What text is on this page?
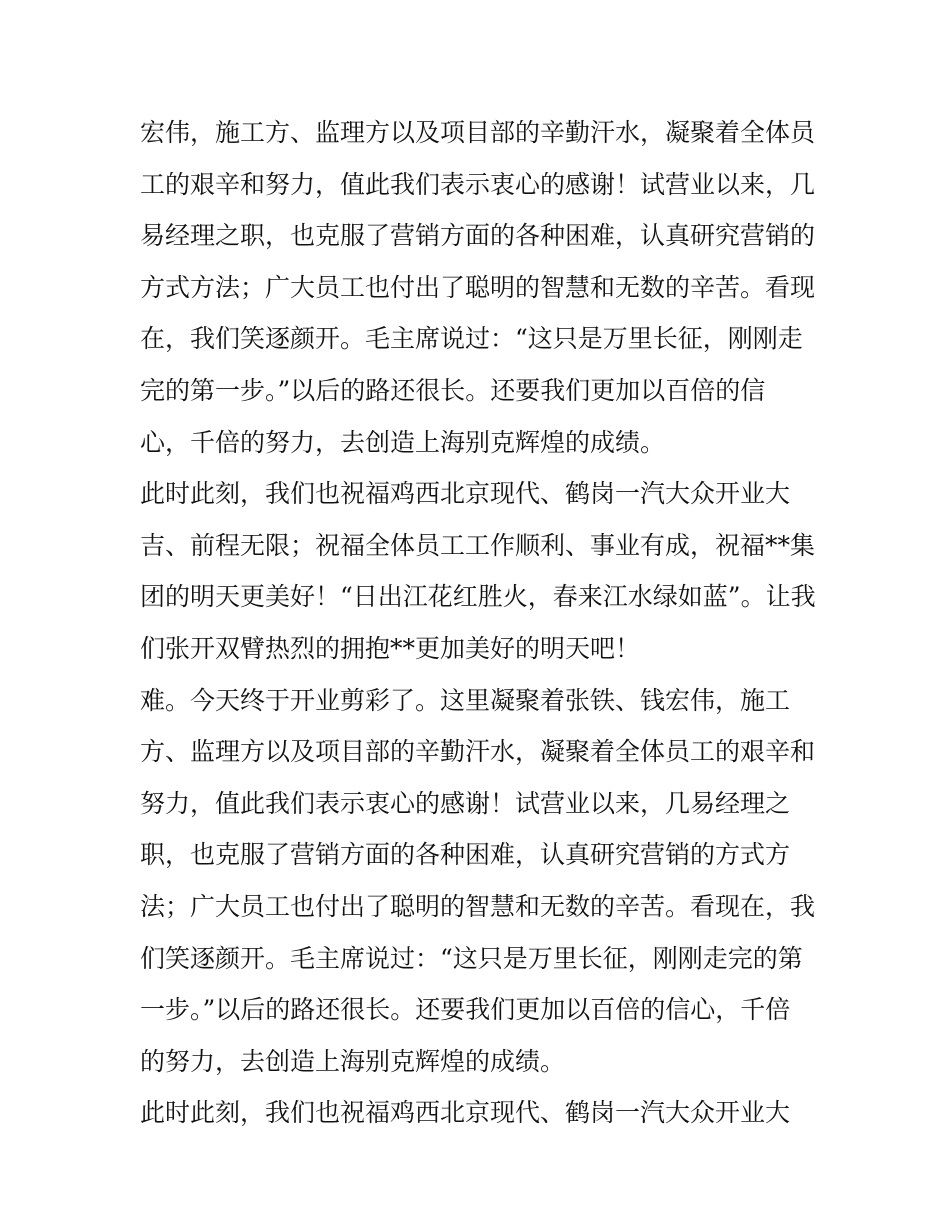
宏伟，施工方、监理方以及项目部的辛勤汗水，凝聚着全体员
工的艰辛和努力，值此我们表示衷心的感谢！试营业以来，几
易经理之职，也克服了营销方面的各种困难，认真研究营销的
方式方法；广大员工也付出了聪明的智慧和无数的辛苦。看现
在，我们笑逐颜开。毛主席说过：“这只是万里长征，刚刚走
完的第一步。”以后的路还很长。还要我们更加以百倍的信
心，千倍的努力，去创造上海别克辉煌的成绩。
此时此刻，我们也祝福鸡西北京现代、鹤岗一汽大众开业大
吉、前程无限；祝福全体员工工作顺利、事业有成，祝福**集
团的明天更美好！“日出江花红胜火，春来江水绿如蓝”。让我
们张开双臂热烈的拥抱**更加美好的明天吧！
难。今天终于开业剪彩了。这里凝聚着张铁、钱宏伟，施工
方、监理方以及项目部的辛勤汗水，凝聚着全体员工的艰辛和
努力，值此我们表示衷心的感谢！试营业以来，几易经理之
职，也克服了营销方面的各种困难，认真研究营销的方式方
法；广大员工也付出了聪明的智慧和无数的辛苦。看现在，我
们笑逐颜开。毛主席说过：“这只是万里长征，刚刚走完的第
一步。”以后的路还很长。还要我们更加以百倍的信心，千倍
的努力，去创造上海别克辉煌的成绩。
此时此刻，我们也祝福鸡西北京现代、鹤岗一汽大众开业大
